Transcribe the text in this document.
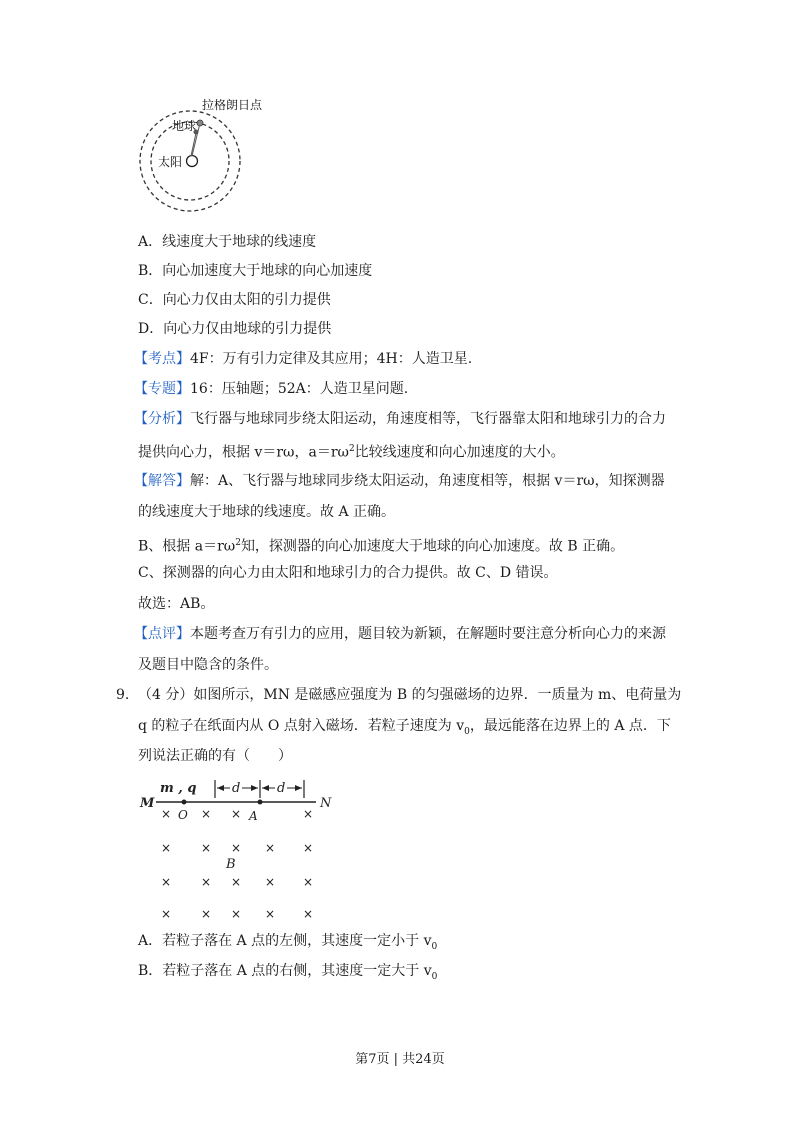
拉格朗日点
地球
太阳
A．线速度大于地球的线速度
B．向心加速度大于地球的向心加速度
C．向心力仅由太阳的引力提供
D．向心力仅由地球的引力提供
【考点】4F：万有引力定律及其应用；4H：人造卫星.
【专题】16：压轴题；52A：人造卫星问题.
【分析】飞行器与地球同步绕太阳运动，角速度相等，飞行器靠太阳和地球引力的合力
提供向心力，根据 v＝rω，$a=r\omega^2$比较线速度和向心加速度的大小。
【解答】解：A、飞行器与地球同步绕太阳运动，角速度相等，根据 v＝rω，知探测器
的线速度大于地球的线速度。故 A 正确。
B、根据 $a=r\omega^2$知，探测器的向心加速度大于地球的向心加速度。故 B 正确。
C、探测器的向心力由太阳和地球引力的合力提供。故 C、D 错误。
故选：AB。
【点评】本题考查万有引力的应用，题目较为新颖，在解题时要注意分析向心力的来源
及题目中隐含的条件。
9. （4 分）如图所示，MN 是磁感应强度为 B 的匀强磁场的边界．一质量为 m、电荷量为
q 的粒子在纸面内从 O 点射入磁场．若粒子速度为 $v_0$，最远能落在边界上的 A 点．下
列说法正确的有（　　）
m , q	d	d
M	N
O	A
B
× × ×	×
× × × × ×
× × × × ×
× × × × ×
A．若粒子落在 A 点的左侧，其速度一定小于 $v_0$
B．若粒子落在 A 点的右侧，其速度一定大于 $v_0$
第7页 | 共24页
